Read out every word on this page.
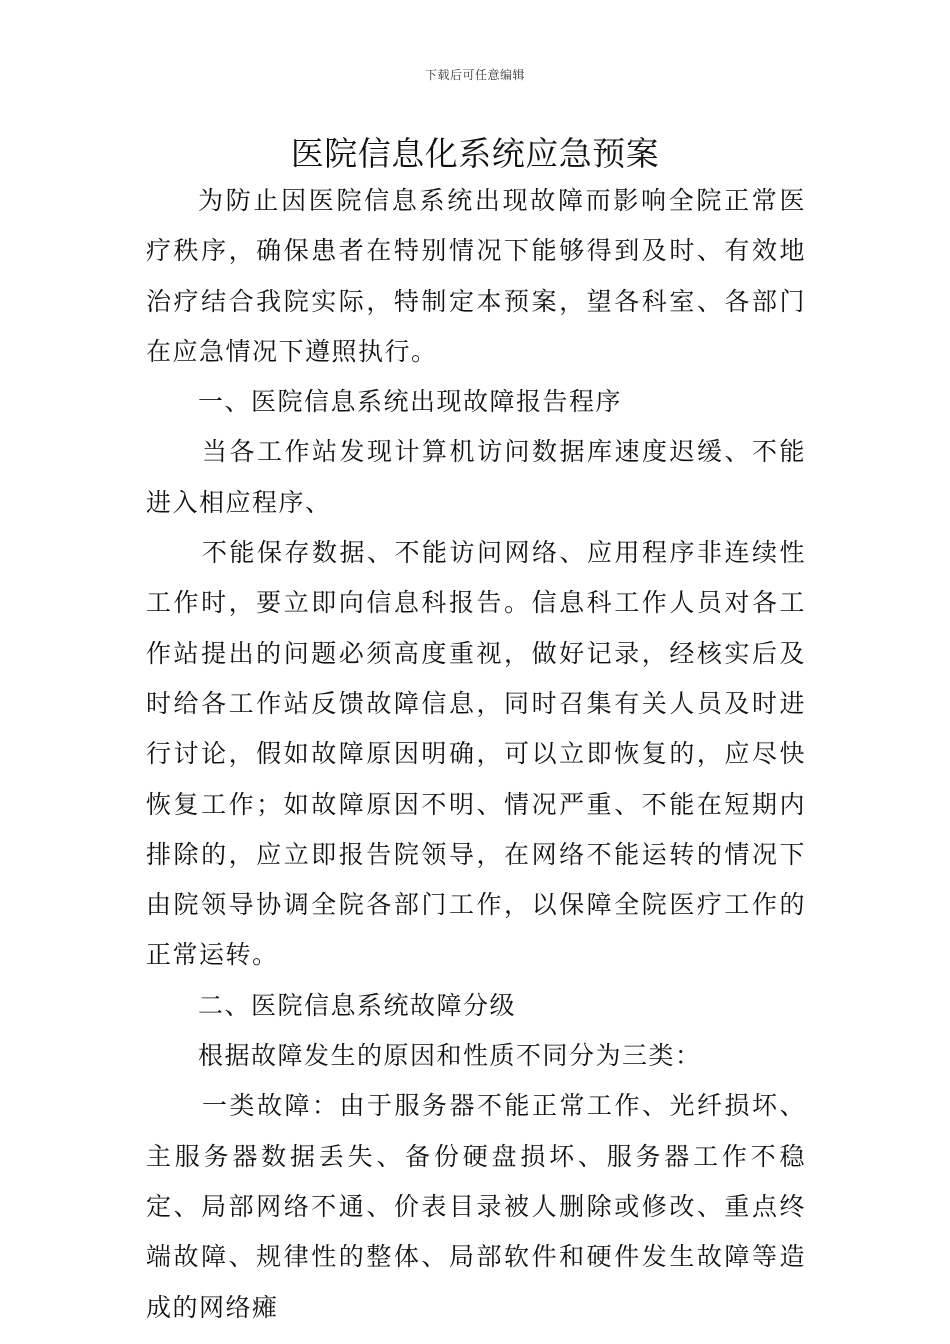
下载后可任意编辑
医院信息化系统应急预案

为防止因医院信息系统出现故障而影响全院正常医疗秩序，确保患者在特别情况下能够得到及时、有效地治疗结合我院实际，特制定本预案，望各科室、各部门在应急情况下遵照执行。

一、医院信息系统出现故障报告程序

当各工作站发现计算机访问数据库速度迟缓、不能进入相应程序、

不能保存数据、不能访问网络、应用程序非连续性工作时，要立即向信息科报告。信息科工作人员对各工作站提出的问题必须高度重视，做好记录，经核实后及时给各工作站反馈故障信息，同时召集有关人员及时进行讨论，假如故障原因明确，可以立即恢复的，应尽快恢复工作；如故障原因不明、情况严重、不能在短期内排除的，应立即报告院领导，在网络不能运转的情况下由院领导协调全院各部门工作，以保障全院医疗工作的正常运转。

二、医院信息系统故障分级

根据故障发生的原因和性质不同分为三类：

一类故障：由于服务器不能正常工作、光纤损坏、主服务器数据丢失、备份硬盘损坏、服务器工作不稳定、局部网络不通、价表目录被人删除或修改、重点终端故障、规律性的整体、局部软件和硬件发生故障等造成的网络瘫
